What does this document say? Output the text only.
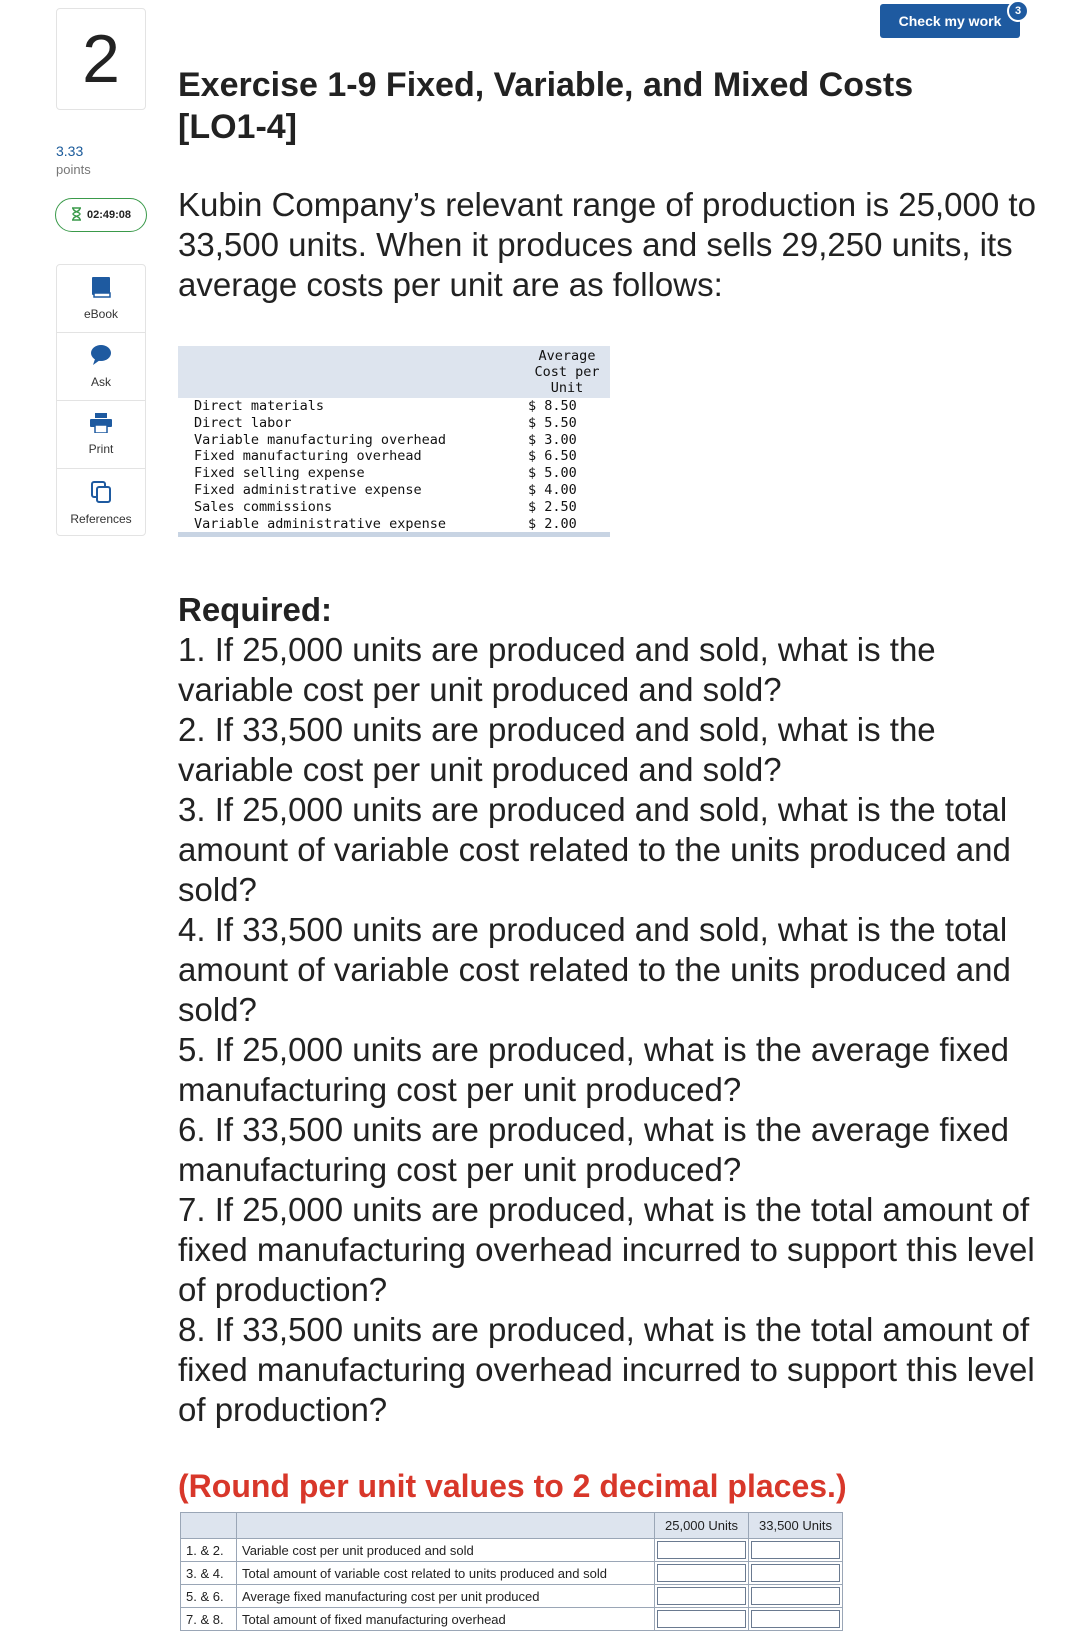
2
3.33
points
02:49:08
eBook
Ask
Print
References
Check my work
3
Exercise 1-9 Fixed, Variable, and Mixed Costs [LO1-4]
Kubin Company’s relevant range of production is 25,000 to 33,500 units. When it produces and sells 29,250 units, its average costs per unit are as follows:
Average Cost per Unit
Direct materials	$ 8.50
Direct labor	$ 5.50
Variable manufacturing overhead	$ 3.00
Fixed manufacturing overhead	$ 6.50
Fixed selling expense	$ 5.00
Fixed administrative expense	$ 4.00
Sales commissions	$ 2.50
Variable administrative expense	$ 2.00
Required:
1. If 25,000 units are produced and sold, what is the variable cost per unit produced and sold?
2. If 33,500 units are produced and sold, what is the variable cost per unit produced and sold?
3. If 25,000 units are produced and sold, what is the total amount of variable cost related to the units produced and sold?
4. If 33,500 units are produced and sold, what is the total amount of variable cost related to the units produced and sold?
5. If 25,000 units are produced, what is the average fixed manufacturing cost per unit produced?
6. If 33,500 units are produced, what is the average fixed manufacturing cost per unit produced?
7. If 25,000 units are produced, what is the total amount of fixed manufacturing overhead incurred to support this level of production?
8. If 33,500 units are produced, what is the total amount of fixed manufacturing overhead incurred to support this level of production?
(Round per unit values to 2 decimal places.)
		25,000 Units	33,500 Units
1. & 2.	Variable cost per unit produced and sold		
3. & 4.	Total amount of variable cost related to units produced and sold		
5. & 6.	Average fixed manufacturing cost per unit produced		
7. & 8.	Total amount of fixed manufacturing overhead		
